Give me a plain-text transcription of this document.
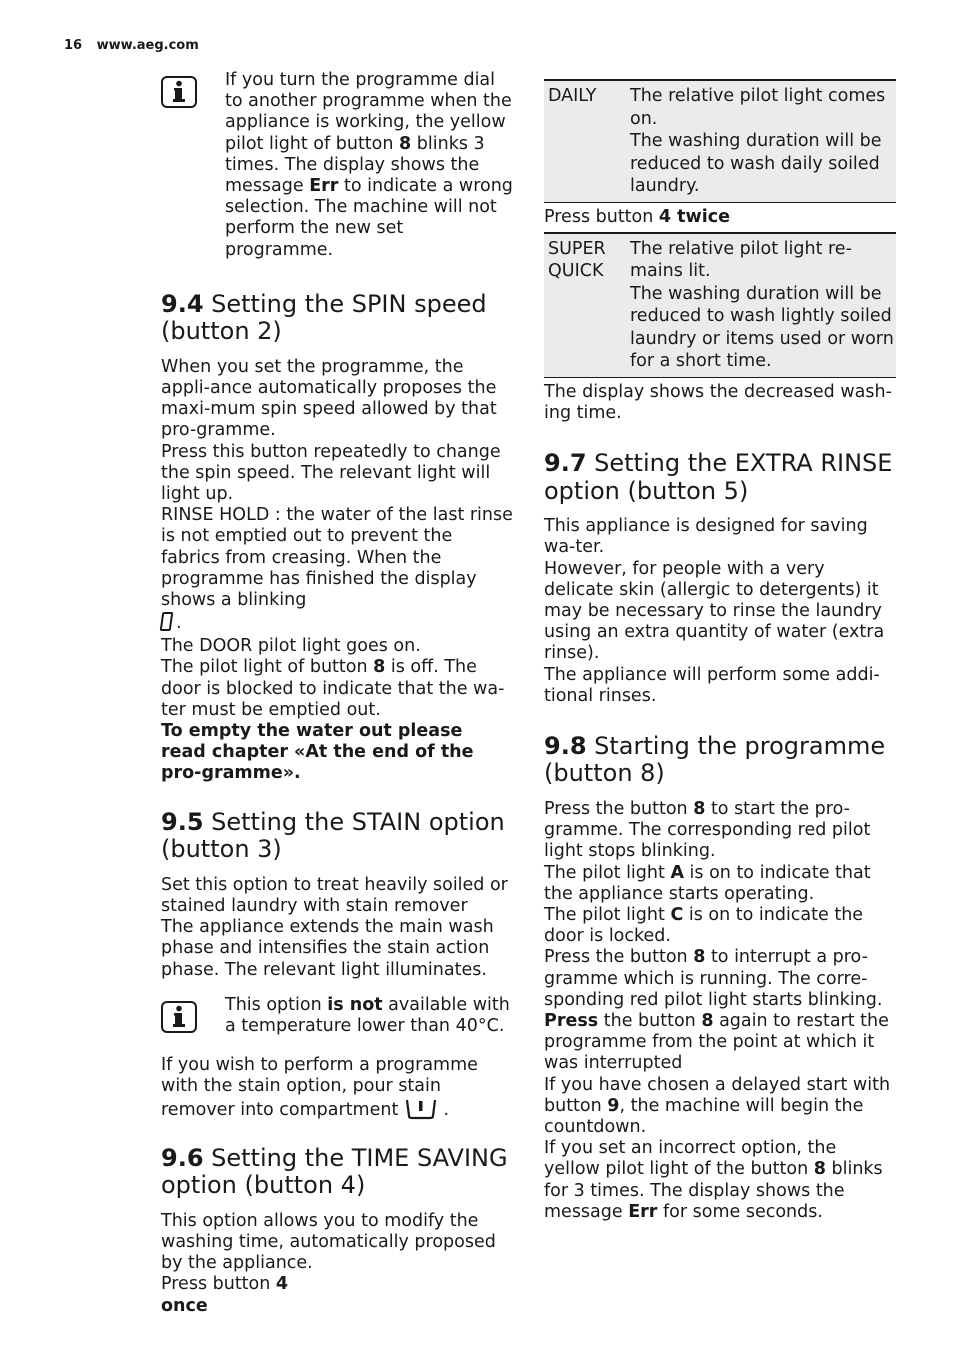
16 www.aeg.com

If you turn the programme dial to another programme when the appliance is working, the yellow pilot light of button 8 blinks 3 times. The display shows the message Err to indicate a wrong selection. The machine will not perform the new set programme.

9.4 Setting the SPIN speed (button 2)

When you set the programme, the appli-ance automatically proposes the maxi-mum spin speed allowed by that pro-gramme.

Press this button repeatedly to change the spin speed. The relevant light will light up.

RINSE HOLD : the water of the last rinse is not emptied out to prevent the fabrics from creasing. When the programme has finished the display shows a blinking

.

The DOOR pilot light goes on.

The pilot light of button 8 is off. The door is blocked to indicate that the wa-ter must be emptied out.

To empty the water out please read chapter «At the end of the pro-gramme».

9.5 Setting the STAIN option (button 3)

Set this option to treat heavily soiled or stained laundry with stain remover

The appliance extends the main wash phase and intensifies the stain action phase. The relevant light illuminates.

This option is not available with a temperature lower than 40°C.

If you wish to perform a programme with the stain option, pour stain remover into compartment	.

9.6 Setting the TIME SAVING option (button 4)

This option allows you to modify the washing time, automatically proposed by the appliance.

Press button 4

once

DAILY	The relative pilot light comes on.
The washing duration will be reduced to wash daily soiled laundry.

Press button 4 twice

SUPER QUICK
The relative pilot light re-mains lit.
The washing duration will be reduced to wash lightly soiled laundry or items used or worn for a short time.

The display shows the decreased wash-ing time.

9.7 Setting the EXTRA RINSE option (button 5)

This appliance is designed for saving wa-ter.

However, for people with a very delicate skin (allergic to detergents) it may be necessary to rinse the laundry using an extra quantity of water (extra rinse).

The appliance will perform some addi-tional rinses.

9.8 Starting the programme (button 8)

Press the button 8 to start the pro-gramme. The corresponding red pilot light stops blinking.

The pilot light A is on to indicate that the appliance starts operating.

The pilot light C is on to indicate the door is locked.

Press the button 8 to interrupt a pro-gramme which is running. The corre-sponding red pilot light starts blinking.

Press the button 8 again to restart the programme from the point at which it was interrupted

If you have chosen a delayed start with button 9, the machine will begin the countdown.

If you set an incorrect option, the yellow pilot light of the button 8 blinks for 3 times. The display shows the message Err for some seconds.
